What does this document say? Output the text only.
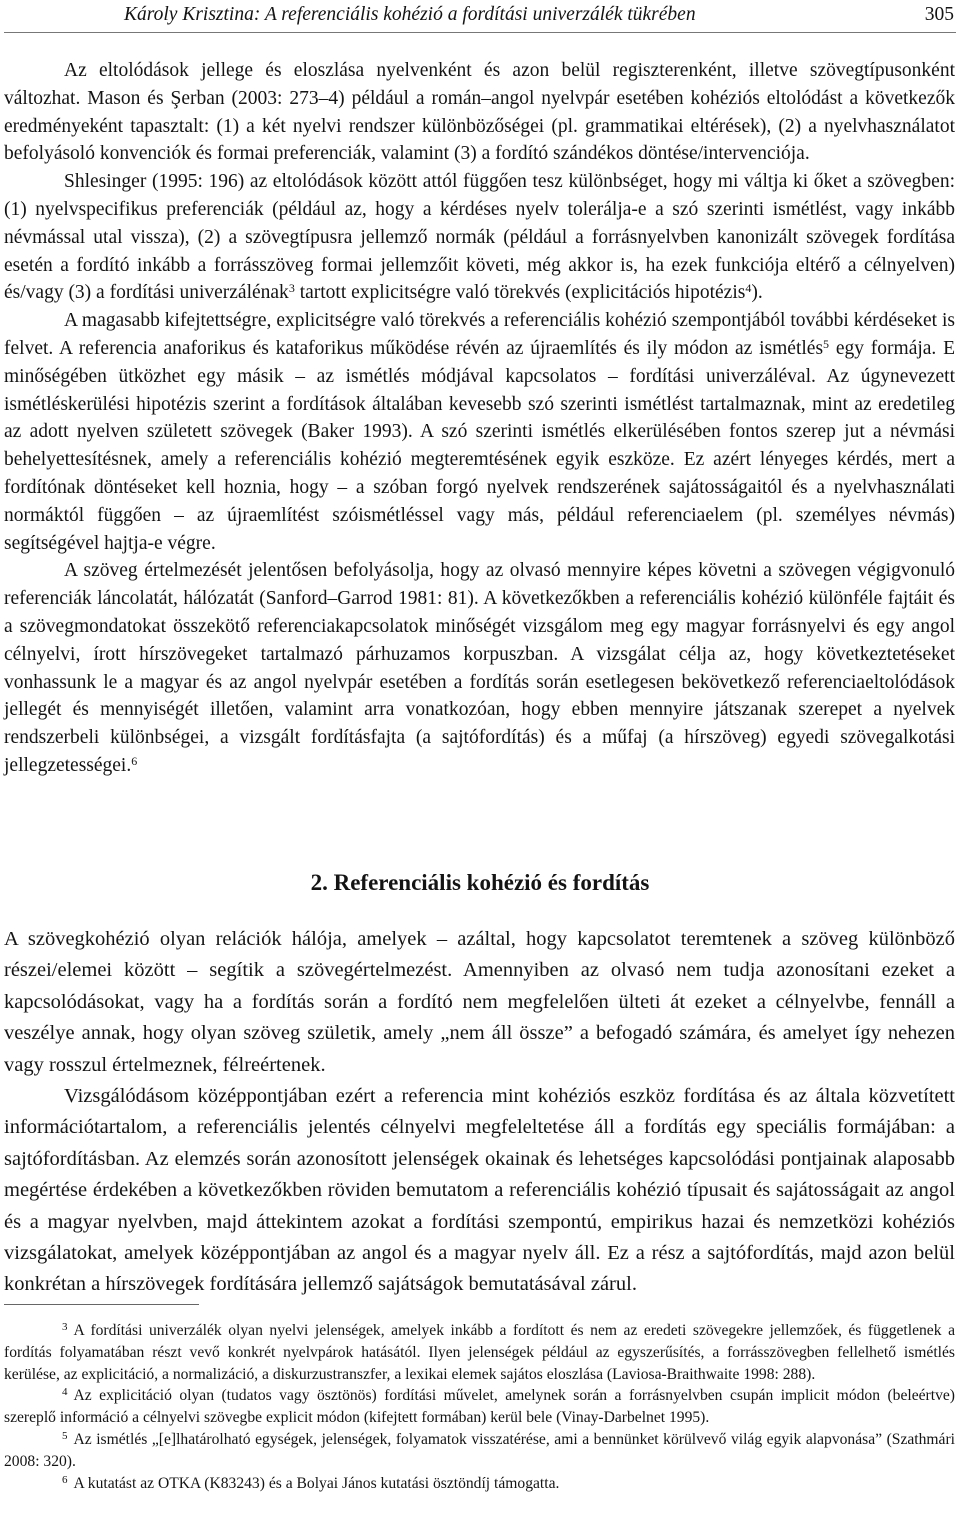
Károly Krisztina: A referenciális kohézió a fordítási univerzálék tükrében	305

Az eltolódások jellege és eloszlása nyelvenként és azon belül regiszterenként, illetve szövegtípusonként változhat. Mason és Şerban (2003: 273–4) például a román–angol nyelvpár esetében kohéziós eltolódást a következők eredményeként tapasztalt: (1) a két nyelvi rendszer különbözőségei (pl. grammatikai eltérések), (2) a nyelvhasználatot befolyásoló konvenciók és formai preferenciák, valamint (3) a fordító szándékos döntése/intervenciója.

Shlesinger (1995: 196) az eltolódások között attól függően tesz különbséget, hogy mi váltja ki őket a szövegben: (1) nyelvspecifikus preferenciák (például az, hogy a kérdéses nyelv tolerálja-e a szó szerinti ismétlést, vagy inkább névmással utal vissza), (2) a szövegtípusra jellemző normák (például a forrásnyelvben kanonizált szövegek fordítása esetén a fordító inkább a forrásszöveg formai jellemzőit követi, még akkor is, ha ezek funkciója eltérő a célnyelven) és/vagy (3) a fordítási univerzálénak$^3$ tartott explicitségre való törekvés (explicitációs hipotézis$^4$).

A magasabb kifejtettségre, explicitségre való törekvés a referenciális kohézió szempontjából további kérdéseket is felvet. A referencia anaforikus és kataforikus működése révén az újraemlítés és ily módon az ismétlés$^5$ egy formája. E minőségében ütközhet egy másik – az ismétlés módjával kapcsolatos – fordítási univerzáléval. Az úgynevezett ismétléskerülési hipotézis szerint a fordítások általában kevesebb szó szerinti ismétlést tartalmaznak, mint az eredetileg az adott nyelven született szövegek (Baker 1993). A szó szerinti ismétlés elkerülésében fontos szerep jut a névmási behelyettesítésnek, amely a referenciális kohézió megteremtésének egyik eszköze. Ez azért lényeges kérdés, mert a fordítónak döntéseket kell hoznia, hogy – a szóban forgó nyelvek rendszerének sajátosságaitól és a nyelvhasználati normáktól függően – az újraemlítést szóismétléssel vagy más, például referenciaelem (pl. személyes névmás) segítségével hajtja-e végre.

A szöveg értelmezését jelentősen befolyásolja, hogy az olvasó mennyire képes követni a szövegen végigvonuló referenciák láncolatát, hálózatát (Sanford–Garrod 1981: 81). A következőkben a referenciális kohézió különféle fajtáit és a szövegmondatokat összekötő referenciakapcsolatok minőségét vizsgálom meg egy magyar forrásnyelvi és egy angol célnyelvi, írott hírszövegeket tartalmazó párhuzamos korpuszban. A vizsgálat célja az, hogy következtetéseket vonhassunk le a magyar és az angol nyelvpár esetében a fordítás során esetlegesen bekövetkező referenciaeltolódások jellegét és mennyiségét illetően, valamint arra vonatkozóan, hogy ebben mennyire játszanak szerepet a nyelvek rendszerbeli különbségei, a vizsgált fordításfajta (a sajtófordítás) és a műfaj (a hírszöveg) egyedi szövegalkotási jellegzetességei.$^6$

2. Referenciális kohézió és fordítás

A szövegkohézió olyan relációk hálója, amelyek – azáltal, hogy kapcsolatot teremtenek a szöveg különböző részei/elemei között – segítik a szövegértelmezést. Amennyiben az olvasó nem tudja azonosítani ezeket a kapcsolódásokat, vagy ha a fordítás során a fordító nem megfelelően ülteti át ezeket a célnyelvbe, fennáll a veszélye annak, hogy olyan szöveg születik, amely „nem áll össze” a befogadó számára, és amelyet így nehezen vagy rosszul értelmeznek, félreértenek.

Vizsgálódásom középpontjában ezért a referencia mint kohéziós eszköz fordítása és az általa közvetített információtartalom, a referenciális jelentés célnyelvi megfeleltetése áll a fordítás egy speciális formájában: a sajtófordításban. Az elemzés során azonosított jelenségek okainak és lehetséges kapcsolódási pontjainak alaposabb megértése érdekében a következőkben röviden bemutatom a referenciális kohézió típusait és sajátosságait az angol és a magyar nyelvben, majd áttekintem azokat a fordítási szempontú, empirikus hazai és nemzetközi kohéziós vizsgálatokat, amelyek középpontjában az angol és a magyar nyelv áll. Ez a rész a sajtófordítás, majd azon belül konkrétan a hírszövegek fordítására jellemző sajátságok bemutatásával zárul.

$^3$ A fordítási univerzálék olyan nyelvi jelenségek, amelyek inkább a fordított és nem az eredeti szövegekre jellemzőek, és függetlenek a fordítás folyamatában részt vevő konkrét nyelvpárok hatásától. Ilyen jelenségek például az egyszerűsítés, a forrásszövegben fellelhető ismétlés kerülése, az explicitáció, a normalizáció, a diskurzustranszfer, a lexikai elemek sajátos eloszlása (Laviosa-Braithwaite 1998: 288).

$^4$ Az explicitáció olyan (tudatos vagy ösztönös) fordítási művelet, amelynek során a forrásnyelvben csupán implicit módon (beleértve) szereplő információ a célnyelvi szövegbe explicit módon (kifejtett formában) kerül bele (Vinay-Darbelnet 1995).

$^5$ Az ismétlés „[e]lhatárolható egységek, jelenségek, folyamatok visszatérése, ami a bennünket körülvevő világ egyik alapvonása” (Szathmári 2008: 320).

$^6$ A kutatást az OTKA (K83243) és a Bolyai János kutatási ösztöndíj támogatta.
